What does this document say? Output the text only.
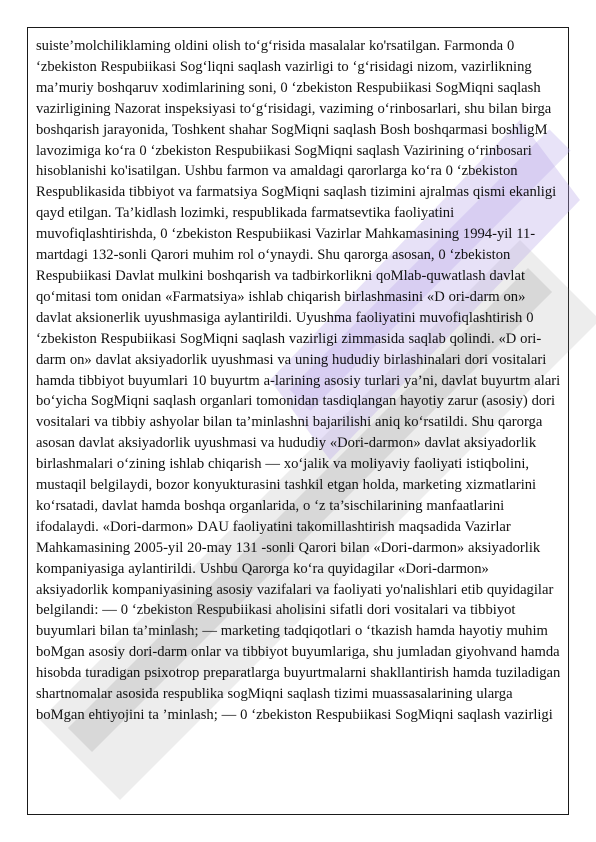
suiste’molchiliklaming oldini olish to‘g‘risida masalalar ko'rsatilgan. Farmonda 0 ‘zbekiston Respubiikasi Sog‘liqni saqlash vazirligi to ‘g‘risidagi nizom, vazirlikning ma’muriy boshqaruv xodimlarining soni, 0 ‘zbekiston Respubiikasi SogMiqni saqlash vazirligining Nazorat inspeksiyasi to‘g‘risidagi, vaziming o‘rinbosarlari, shu bilan birga boshqarish jarayonida, Toshkent shahar SogMiqni saqlash Bosh boshqarmasi boshligM lavozimiga ko‘ra 0 ‘zbekiston Respubiikasi SogMiqni saqlash Vazirining o‘rinbosari hisoblanishi ko'isatilgan. Ushbu farmon va amaldagi qarorlarga ko‘ra 0 ‘zbekiston Respublikasida tibbiyot va farmatsiya SogMiqni saqlash tizimini ajralmas qismi ekanligi qayd etilgan. Ta’kidlash lozimki, respublikada farmatsevtika faoliyatini muvofiqlashtirishda, 0 ‘zbekiston Respubiikasi Vazirlar Mahkamasining 1994-yil 11-martdagi 132-sonli Qarori muhim rol o‘ynaydi. Shu qarorga asosan, 0 ‘zbekiston Respubiikasi Davlat mulkini boshqarish va tadbirkorlikni qoMlab-quwatlash davlat qo‘mitasi tom onidan «Farmatsiya» ishlab chiqarish birlashmasini «D ori-darm on» davlat aksionerlik uyushmasiga aylantirildi. Uyushma faoliyatini muvofiqlashtirish 0 ‘zbekiston Respubiikasi SogMiqni saqlash vazirligi zimmasida saqlab qolindi. «D ori-darm on» davlat aksiyadorlik uyushmasi va uning hududiy birlashinalari dori vositalari hamda tibbiyot buyumlari 10 buyurtm a-larining asosiy turlari ya’ni, davlat buyurtm alari bo‘yicha SogMiqni saqlash organlari tomonidan tasdiqlangan hayotiy zarur (asosiy) dori vositalari va tibbiy ashyolar bilan ta’minlashni bajarilishi aniq ko‘rsatildi. Shu qarorga asosan davlat aksiyadorlik uyushmasi va hududiy «Dori-darmon» davlat aksiyadorlik birlashmalari o‘zining ishlab chiqarish — xo‘jalik va moliyaviy faoliyati istiqbolini, mustaqil belgilaydi, bozor konyukturasini tashkil etgan holda, marketing xizmatlarini ko‘rsatadi, davlat hamda boshqa organlarida, o ‘z ta’sischilarining manfaatlarini ifodalaydi. «Dori-darmon» DAU faoliyatini takomillashtirish maqsadida Vazirlar Mahkamasining 2005-yil 20-may 131 -sonli Qarori bilan «Dori-darmon» aksiyadorlik kompaniyasiga aylantirildi. Ushbu Qarorga ko‘ra quyidagilar «Dori-darmon» aksiyadorlik kompaniyasining asosiy vazifalari va faoliyati yo'nalishlari etib quyidagilar belgilandi: — 0 ‘zbekiston Respubiikasi aholisini sifatli dori vositalari va tibbiyot buyumlari bilan ta’minlash; — marketing tadqiqotlari o ‘tkazish hamda hayotiy muhim boMgan asosiy dori-darm onlar va tibbiyot buyumlariga, shu jumladan giyohvand hamda hisobda turadigan psixotrop preparatlarga buyurtmalarni shakllantirish hamda tuziladigan shartnomalar asosida respublika sogMiqni saqlash tizimi muassasalarining ularga boMgan ehtiyojini ta ’minlash; — 0 ‘zbekiston Respubiikasi SogMiqni saqlash vazirligi
